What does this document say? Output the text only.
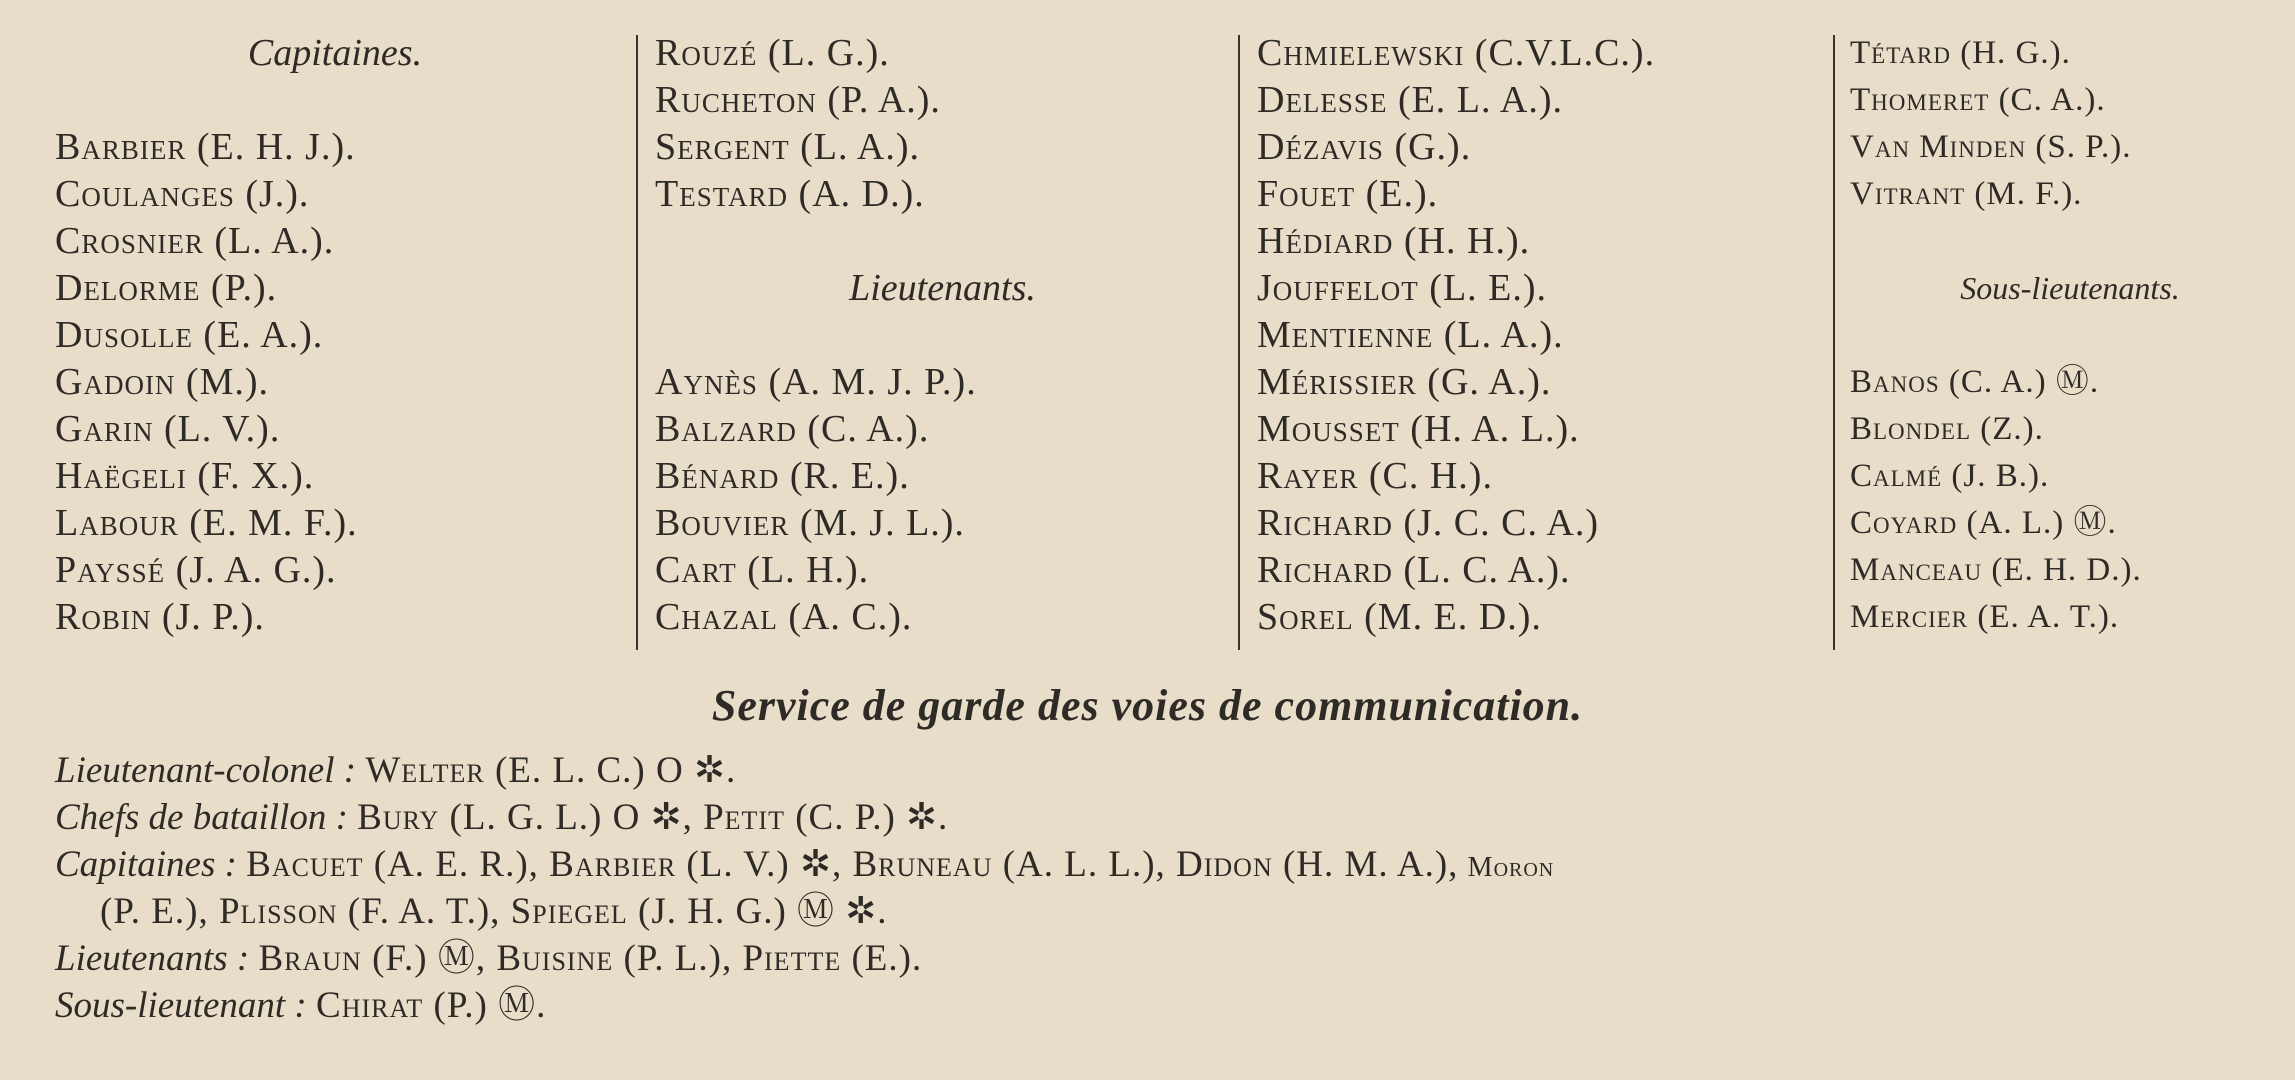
Capitaines.
Barbier (E. H. J.).
Coulanges (J.).
Crosnier (L. A.).
Delorme (P.).
Dusolle (E. A.).
Gadoin (M.).
Garin (L. V.).
Haëgeli (F. X.).
Labour (E. M. F.).
Payssé (J. A. G.).
Robin (J. P.).
Rouzé (L. G.).
Rucheton (P. A.).
Sergent (L. A.).
Testard (A. D.).
Lieutenants.
Aynès (A. M. J. P.).
Balzard (C. A.).
Bénard (R. E.).
Bouvier (M. J. L.).
Cart (L. H.).
Chazal (A. C.).
Chmielewski (C.V.L.C.).
Delesse (E. L. A.).
Dézavis (G.).
Fouet (E.).
Hédiard (H. H.).
Jouffelot (L. E.).
Mentienne (L. A.).
Mérissier (G. A.).
Mousset (H. A. L.).
Rayer (C. H.).
Richard (J. C. C. A.)
Richard (L. C. A.).
Sorel (M. E. D.).
Tétard (H. G.).
Thomeret (C. A.).
Van Minden (S. P.).
Vitrant (M. F.).
Sous-lieutenants.
Banos (C. A.) Ⓜ.
Blondel (Z.).
Calmé (J. B.).
Coyard (A. L.) Ⓜ.
Manceau (E. H. D.).
Mercier (E. A. T.).
Service de garde des voies de communication.
Lieutenant-colonel : Welter (E. L. C.) O ✲.
Chefs de bataillon : Bury (L. G. L.) O ✲, Petit (C. P.) ✲.
Capitaines : Bacuet (A. E. R.), Barbier (L. V.) ✲, Bruneau (A. L. L.), Didon (H. M. A.), Moron
(P. E.), Plisson (F. A. T.), Spiegel (J. H. G.) Ⓜ ✲.
Lieutenants : Braun (F.) Ⓜ, Buisine (P. L.), Piette (E.).
Sous-lieutenant : Chirat (P.) Ⓜ.
